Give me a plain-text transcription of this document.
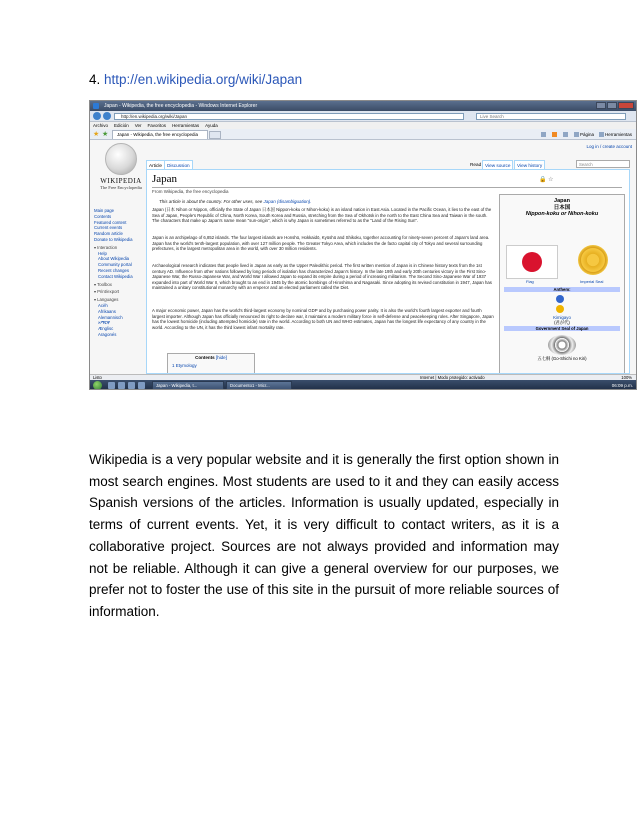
4. http://en.wikipedia.org/wiki/Japan
Japan - Wikipedia, the free encyclopedia - Windows Internet Explorer
http://en.wikipedia.org/wiki/Japan	Live Search
Archivo Edición Ver Favoritos Herramientas Ayuda
★ ★	Japan - Wikipedia, the free encyclopedia	Página	Herramientas
WIKIPEDIA
The Free Encyclopedia
Main page
Contents
Featured content
Current events
Random article
Donate to Wikipedia
▾ Interaction
Help
About Wikipedia
Community portal
Recent changes
Contact Wikipedia
▾ Toolbox
▾ Print/export
▾ Languages
Acèh
Afrikaans
Alemannisch
አማርኛ
Ænglisc
Aragonés
Log in / create account
Article	Discussion	Read View source	View history	Search
Japan	🔒 ☆
From Wikipedia, the free encyclopedia
This article is about the country. For other uses, see Japan (disambiguation).
Japan (日本 Nihon or Nippon, officially the State of Japan 日本国 Nippon-koku or Nihon-koku) is an island nation in East Asia. Located in the Pacific Ocean, it lies to the east of the Sea of Japan, People's Republic of China, North Korea, South Korea and Russia, stretching from the Sea of Okhotsk in the north to the East China Sea and Taiwan in the south. The characters that make up Japan's name mean "sun-origin", which is why Japan is sometimes referred to as the "Land of the Rising Sun".
Japan is an archipelago of 6,852 islands. The four largest islands are Honshū, Hokkaidō, Kyūshū and Shikoku, together accounting for ninety-seven percent of Japan's land area. Japan has the world's tenth-largest population, with over 127 million people. The Greater Tokyo Area, which includes the de facto capital city of Tokyo and several surrounding prefectures, is the largest metropolitan area in the world, with over 30 million residents.
Archaeological research indicates that people lived in Japan as early as the Upper Paleolithic period. The first written mention of Japan is in Chinese history texts from the 1st century AD. Influence from other nations followed by long periods of isolation has characterized Japan's history. In the late 19th and early 20th centuries victory in the First Sino-Japanese War, the Russo-Japanese War, and World War I allowed Japan to expand its empire during a period of increasing militarism. The Second Sino-Japanese War of 1937 expanded into part of World War II, which brought to an end in 1945 by the atomic bombings of Hiroshima and Nagasaki. Since adopting its revised constitution in 1947, Japan has maintained a unitary constitutional monarchy with an emperor and an elected parliament called the Diet.
A major economic power, Japan has the world's third-largest economy by nominal GDP and by purchasing power parity. It is also the world's fourth largest exporter and fourth largest importer. Although Japan has officially renounced its right to declare war, it maintains a modern military force in self-defense and peacekeeping roles. After Singapore, Japan has the lowest homicide (including attempted homicide) rate in the world. According to both UN and WHO estimates, Japan has the longest life expectancy of any country in the world. According to the UN, it has the third lowest infant mortality rate.
Contents [hide]
1 Etymology
Japan
日本国
Nippon-koku or Nihon-koku
Flag	Imperial Seal
Anthem:
Kimigayo
(君が代)
Government Seal of Japan
五七桐 (Go-Shichi no Kiri)
Listo	Internet | Modo protegido: activado	100%
Japan - Wikipedia, t...	Documento1 - Micr...	06:09 p.m.
Wikipedia is a very popular website and it is generally the first option shown in most search engines. Most students are used to it and they can easily access Spanish versions of the articles. Information is usually updated, especially in terms of current events. Yet, it is very difficult to contact writers, as it is a collaborative project. Sources are not always provided and information may not be reliable. Although it can give a general overview for our purposes, we prefer not to foster the use of this site in the pursuit of more reliable sources of information.
